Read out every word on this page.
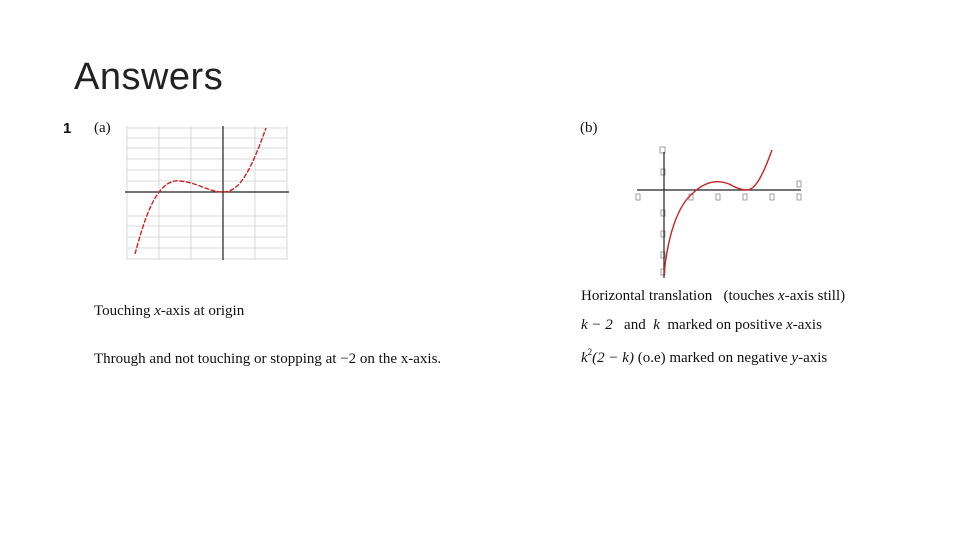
Answers
1 (a)
Touching x-axis at origin
Through and not touching or stopping at −2 on the x-axis.
(b)
Horizontal translation (touches x-axis still)
k − 2 and k marked on positive x-axis
$k^2(2 - k)$ (o.e) marked on negative y-axis
